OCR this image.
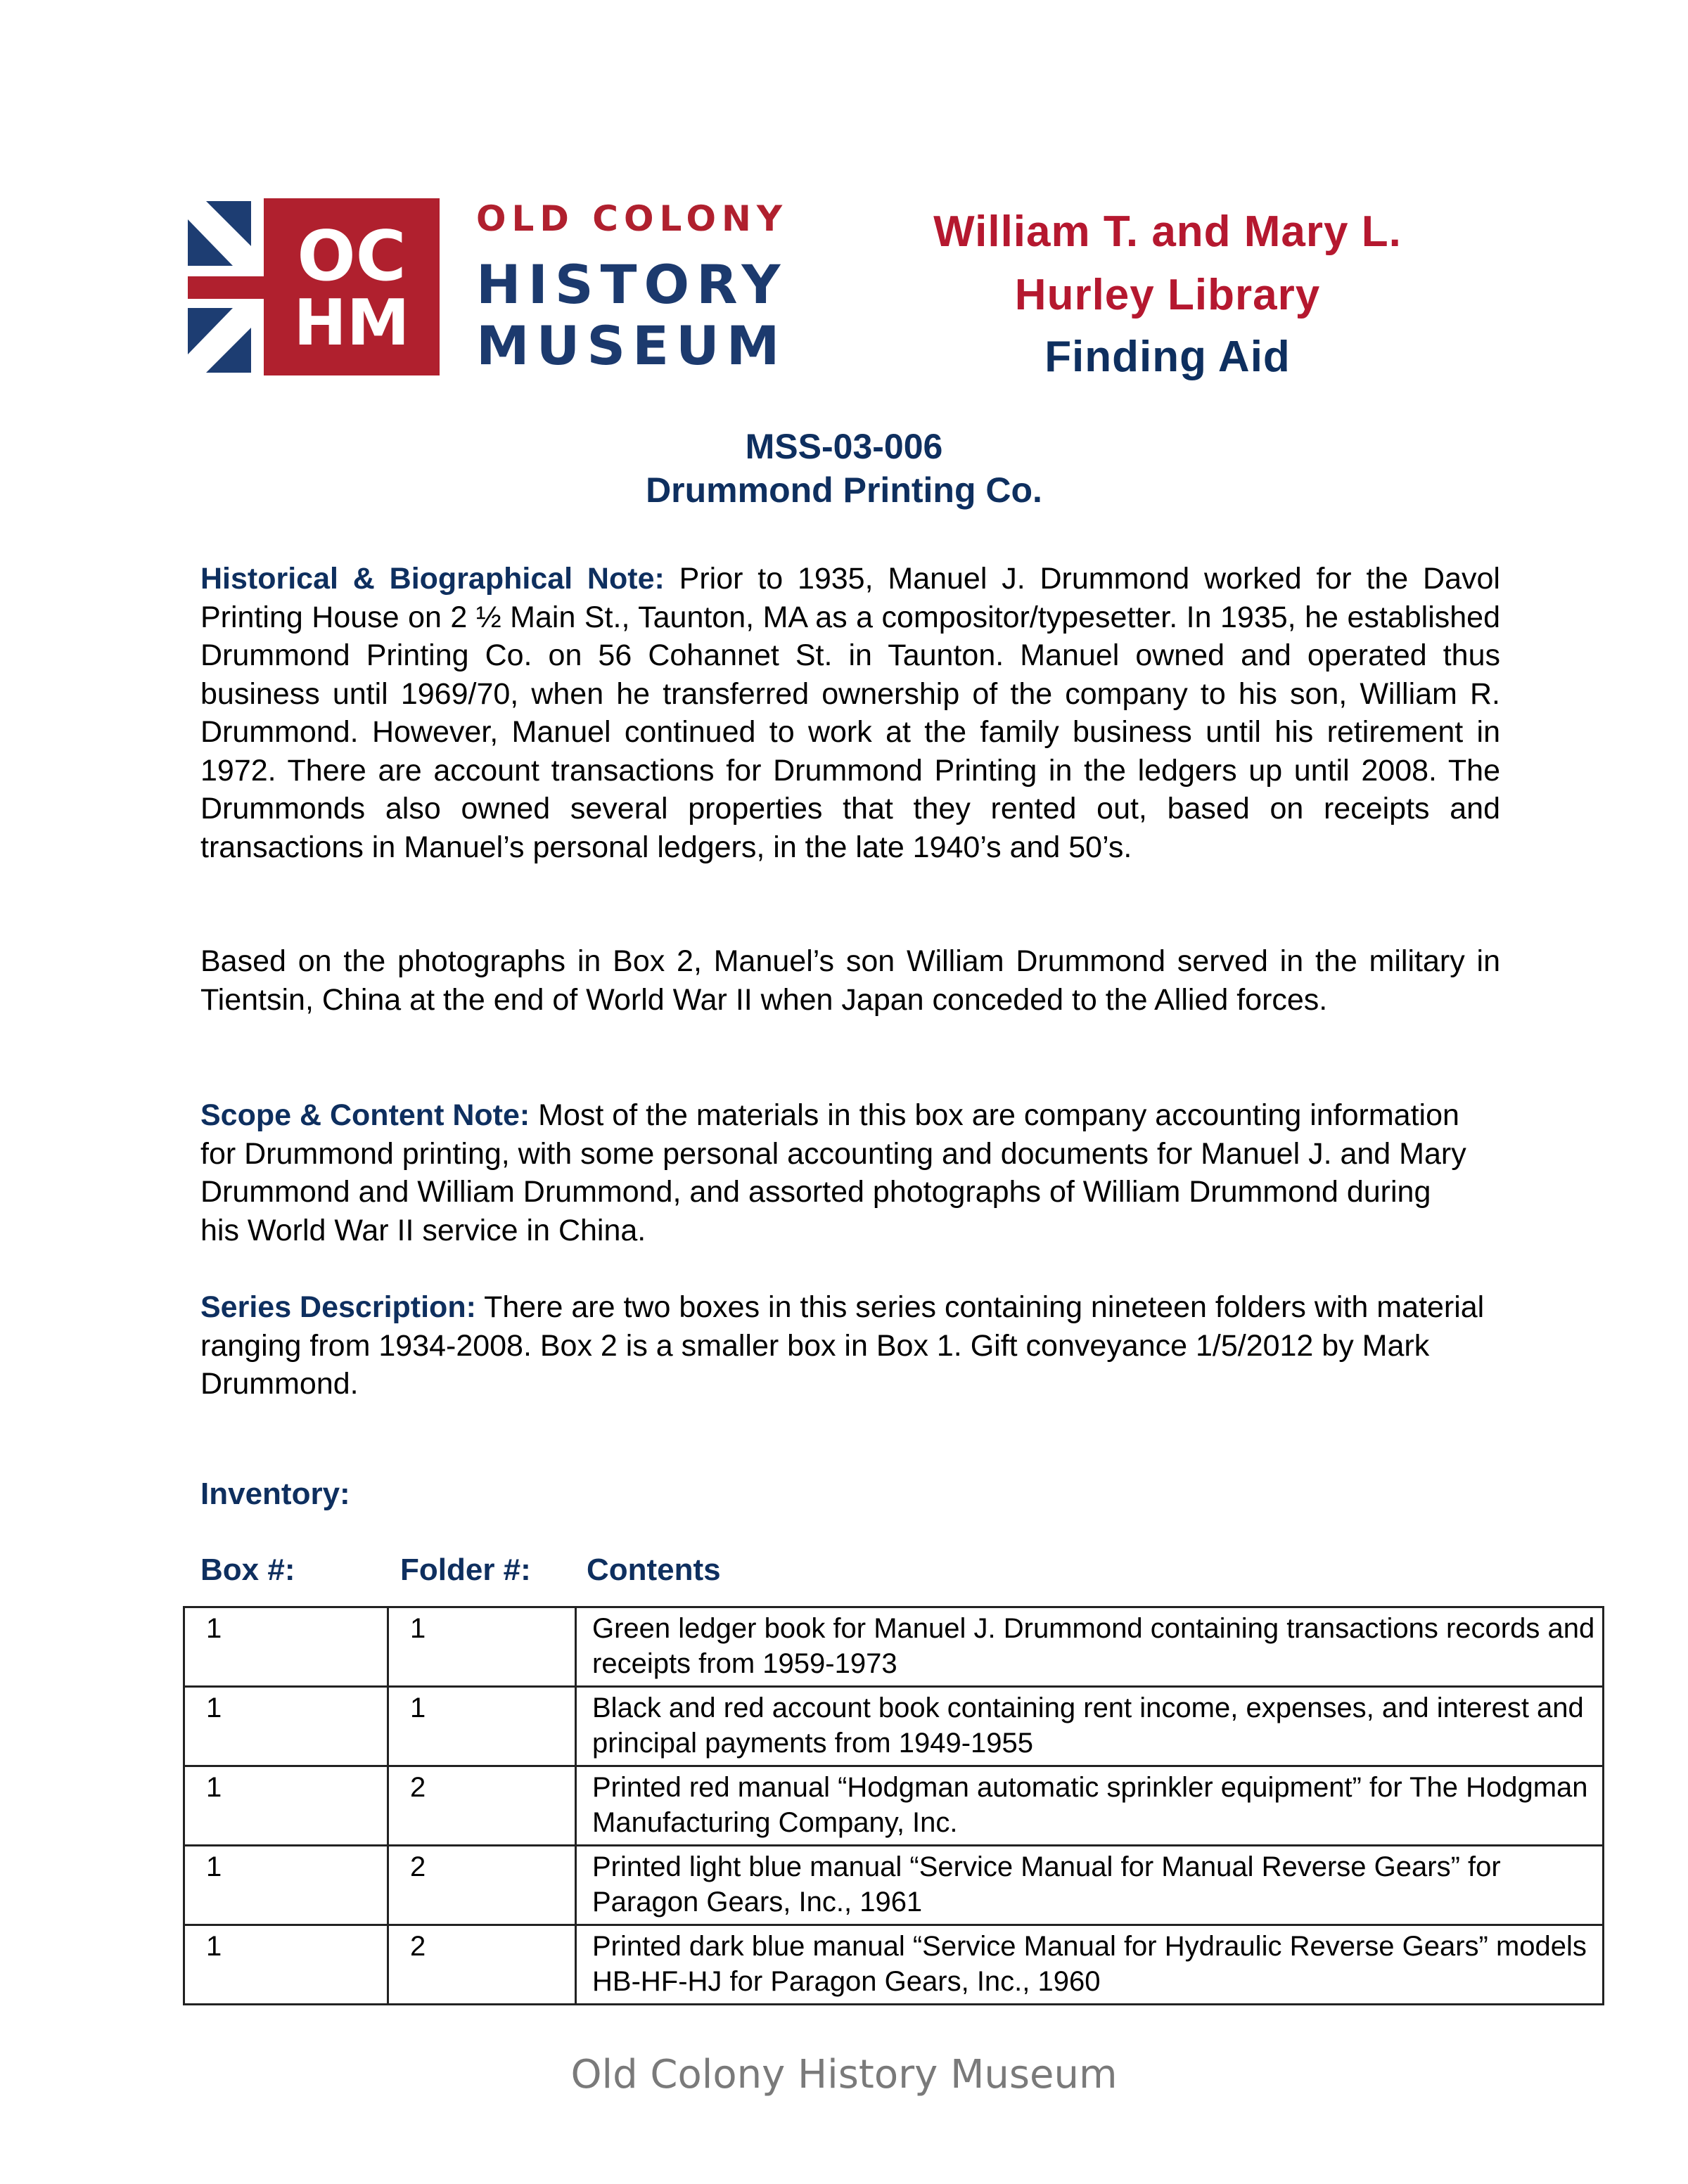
OC
HM
OLD COLONY
HISTORY
MUSEUM
William T. and Mary L.
Hurley Library
Finding Aid
MSS-03-006
Drummond Printing Co.
Historical & Biographical Note: Prior to 1935, Manuel J. Drummond worked for the Davol Printing House on 2 ½ Main St., Taunton, MA as a compositor/typesetter. In 1935, he established Drummond Printing Co. on 56 Cohannet St. in Taunton. Manuel owned and operated thus business until 1969/70, when he transferred ownership of the company to his son, William R. Drummond. However, Manuel continued to work at the family business until his retirement in 1972. There are account transactions for Drummond Printing in the ledgers up until 2008. The Drummonds also owned several properties that they rented out, based on receipts and transactions in Manuel’s personal ledgers, in the late 1940’s and 50’s.
Based on the photographs in Box 2, Manuel’s son William Drummond served in the military in Tientsin, China at the end of World War II when Japan conceded to the Allied forces.
Scope & Content Note: Most of the materials in this box are company accounting information for Drummond printing, with some personal accounting and documents for Manuel J. and Mary Drummond and William Drummond, and assorted photographs of William Drummond during his World War II service in China.
Series Description: There are two boxes in this series containing nineteen folders with material ranging from 1934-2008. Box 2 is a smaller box in Box 1. Gift conveyance 1/5/2012 by Mark Drummond.
Inventory:
Box #:	Folder #: Contents
1	1	Green ledger book for Manuel J. Drummond containing transactions records and receipts from 1959-1973
1	1	Black and red account book containing rent income, expenses, and interest and principal payments from 1949-1955
1	2	Printed red manual “Hodgman automatic sprinkler equipment” for The Hodgman Manufacturing Company, Inc.
1	2	Printed light blue manual “Service Manual for Manual Reverse Gears” for Paragon Gears, Inc., 1961
1	2	Printed dark blue manual “Service Manual for Hydraulic Reverse Gears” models HB-HF-HJ for Paragon Gears, Inc., 1960
Old Colony History Museum
